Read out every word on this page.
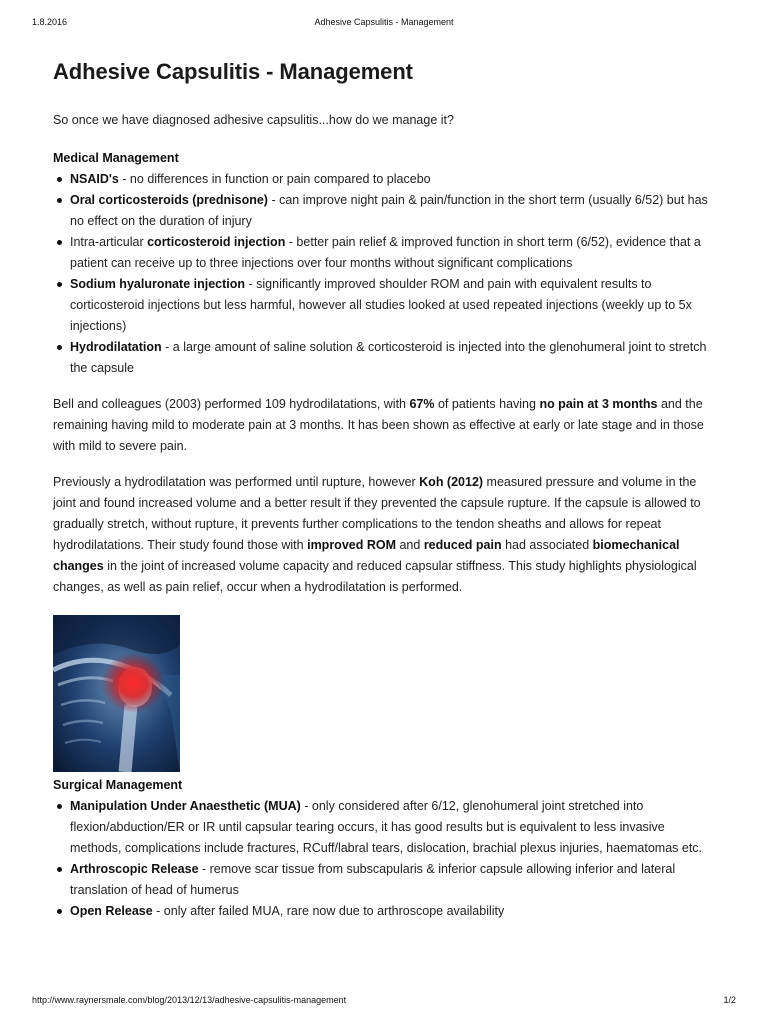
1.8.2016	Adhesive Capsulitis - Management
Adhesive Capsulitis - Management

So once we have diagnosed adhesive capsulitis...how do we manage it?

Medical Management
NSAID's - no differences in function or pain compared to placebo
Oral corticosteroids (prednisone) - can improve night pain & pain/function in the short term (usually 6/52) but has no effect on the duration of injury
Intra-articular corticosteroid injection - better pain relief & improved function in short term (6/52), evidence that a patient can receive up to three injections over four months without significant complications
Sodium hyaluronate injection - significantly improved shoulder ROM and pain with equivalent results to corticosteroid injections but less harmful, however all studies looked at used repeated injections (weekly up to 5x injections)
Hydrodilatation - a large amount of saline solution & corticosteroid is injected into the glenohumeral joint to stretch the capsule

Bell and colleagues (2003) performed 109 hydrodilatations, with 67% of patients having no pain at 3 months and the remaining having mild to moderate pain at 3 months. It has been shown as effective at early or late stage and in those with mild to severe pain.

Previously a hydrodilatation was performed until rupture, however Koh (2012) measured pressure and volume in the joint and found increased volume and a better result if they prevented the capsule rupture. If the capsule is allowed to gradually stretch, without rupture, it prevents further complications to the tendon sheaths and allows for repeat hydrodilatations. Their study found those with improved ROM and reduced pain had associated biomechanical changes in the joint of increased volume capacity and reduced capsular stiffness. This study highlights physiological changes, as well as pain relief, occur when a hydrodilatation is performed.

Surgical Management
Manipulation Under Anaesthetic (MUA) - only considered after 6/12, glenohumeral joint stretched into flexion/abduction/ER or IR until capsular tearing occurs, it has good results but is equivalent to less invasive methods, complications include fractures, RCuff/labral tears, dislocation, brachial plexus injuries, haematomas etc.
Arthroscopic Release - remove scar tissue from subscapularis & inferior capsule allowing inferior and lateral translation of head of humerus
Open Release - only after failed MUA, rare now due to arthroscope availability
http://www.raynersmale.com/blog/2013/12/13/adhesive-capsulitis-management	1/2
